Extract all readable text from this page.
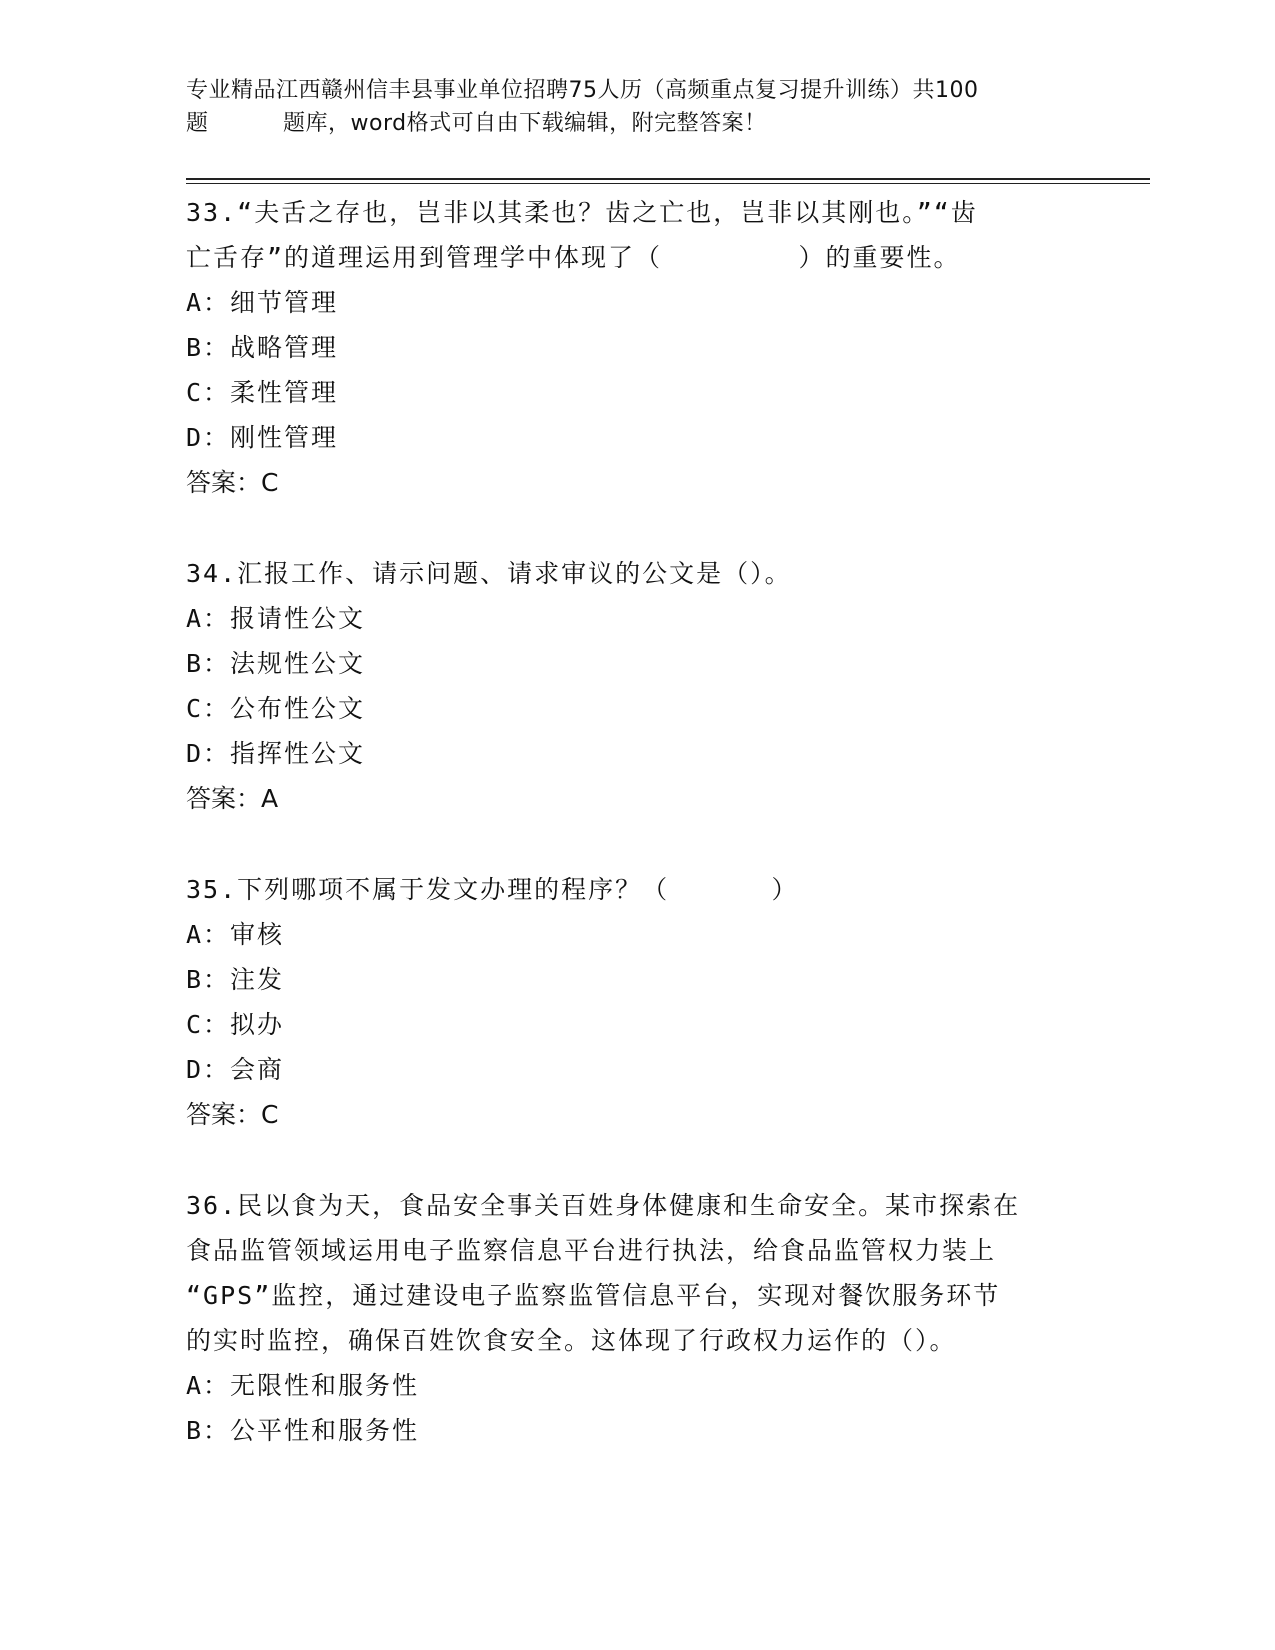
专业精品江西赣州信丰县事业单位招聘75人历（高频重点复习提升训练）共100
题	题库，word格式可自由下载编辑，附完整答案！

33.“夫舌之存也，岂非以其柔也？齿之亡也，岂非以其刚也。”“齿

亡舌存”的道理运用到管理学中体现了（        ）的重要性。

A：细节管理

B：战略管理

C：柔性管理

D：刚性管理

答案：C

34.汇报工作、请示问题、请求审议的公文是（）。

A：报请性公文

B：法规性公文

C：公布性公文

D：指挥性公文

答案：A

35.下列哪项不属于发文办理的程序？（      ）

A：审核

B：注发

C：拟办

D：会商

答案：C

36.民以食为天，食品安全事关百姓身体健康和生命安全。某市探索在

食品监管领域运用电子监察信息平台进行执法，给食品监管权力装上

“GPS”监控，通过建设电子监察监管信息平台，实现对餐饮服务环节

的实时监控，确保百姓饮食安全。这体现了行政权力运作的（）。

A：无限性和服务性

B：公平性和服务性
